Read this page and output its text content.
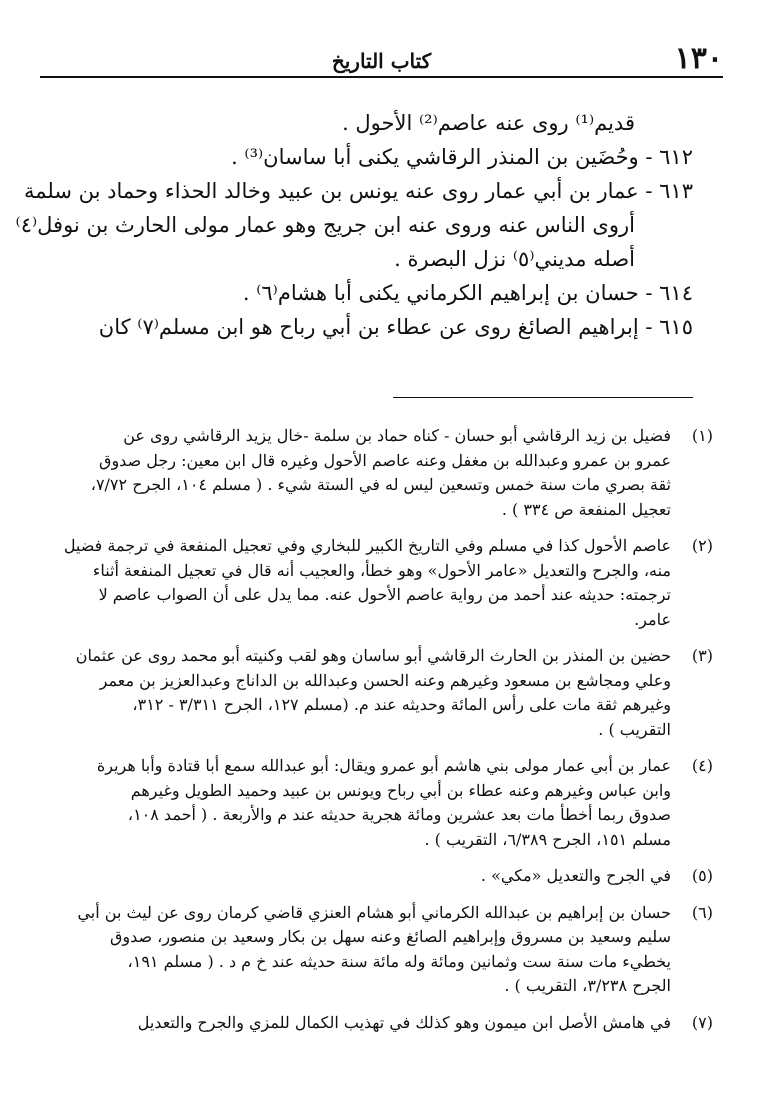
١٣٠
كتاب التاريخ
قديم⁽¹⁾ روى عنه عاصم⁽²⁾ الأحول .
٦١٢ - وحُضَين بن المنذر الرقاشي يكنى أبا ساسان⁽³⁾ .
٦١٣ - عمار بن أبي عمار روى عنه يونس بن عبيد وخالد الحذاء وحماد بن سلمة
أروى الناس عنه وروى عنه ابن جريج وهو عمار مولى الحارث بن نوفل⁽٤⁾
أصله مديني⁽٥⁾ نزل البصرة .
٦١٤ - حسان بن إبراهيم الكرماني يكنى أبا هشام⁽٦⁾ .
٦١٥ - إبراهيم الصائغ روى عن عطاء بن أبي رباح هو ابن مسلم⁽٧⁾ كان
(١)
فضيل بن زيد الرقاشي أبو حسان - كناه حماد بن سلمة -خال يزيد الرقاشي روى عن
عمرو بن عمرو وعبدالله بن مغفل وعنه عاصم الأحول وغيره قال ابن معين: رجل صدوق
ثقة بصري مات سنة خمس وتسعين ليس له في الستة شيء . ( مسلم ١٠٤، الجرح ٧/٧٢،
تعجيل المنفعة ص ٣٣٤ ) .
(٢)
عاصم الأحول كذا في مسلم وفي التاريخ الكبير للبخاري وفي تعجيل المنفعة في ترجمة فضيل
منه، والجرح والتعديل «عامر الأحول» وهو خطأ، والعجيب أنه قال في تعجيل المنفعة أثناء
ترجمته: حديثه عند أحمد من رواية عاصم الأحول عنه. مما يدل على أن الصواب عاصم لا
عامر.
(٣)
حضين بن المنذر بن الحارث الرقاشي أبو ساسان وهو لقب وكنيته أبو محمد روى عن عثمان
وعلي ومجاشع بن مسعود وغيرهم وعنه الحسن وعبدالله بن الداناج وعبدالعزيز بن معمر
وغيرهم ثقة مات على رأس المائة وحديثه عند م. (مسلم ١٢٧، الجرح ٣/٣١١ - ٣١٢،
التقريب ) .
(٤)
عمار بن أبي عمار مولى بني هاشم أبو عمرو ويقال: أبو عبدالله سمع أبا قتادة وأبا هريرة
وابن عباس وغيرهم وعنه عطاء بن أبي رباح ويونس بن عبيد وحميد الطويل وغيرهم
صدوق ربما أخطأ مات بعد عشرين ومائة هجرية حديثه عند م والأربعة . ( أحمد ١٠٨،
مسلم ١٥١، الجرح ٦/٣٨٩، التقريب ) .
(٥)
في الجرح والتعديل «مكي» .
(٦)
حسان بن إبراهيم بن عبدالله الكرماني أبو هشام العنزي قاضي كرمان روى عن ليث بن أبي
سليم وسعيد بن مسروق وإبراهيم الصائغ وعنه سهل بن بكار وسعيد بن منصور، صدوق
يخطيء مات سنة ست وثمانين ومائة وله مائة سنة حديثه عند خ م د . ( مسلم ١٩١،
الجرح ٣/٢٣٨، التقريب ) .
(٧)
في هامش الأصل ابن ميمون وهو كذلك في تهذيب الكمال للمزي والجرح والتعديل
